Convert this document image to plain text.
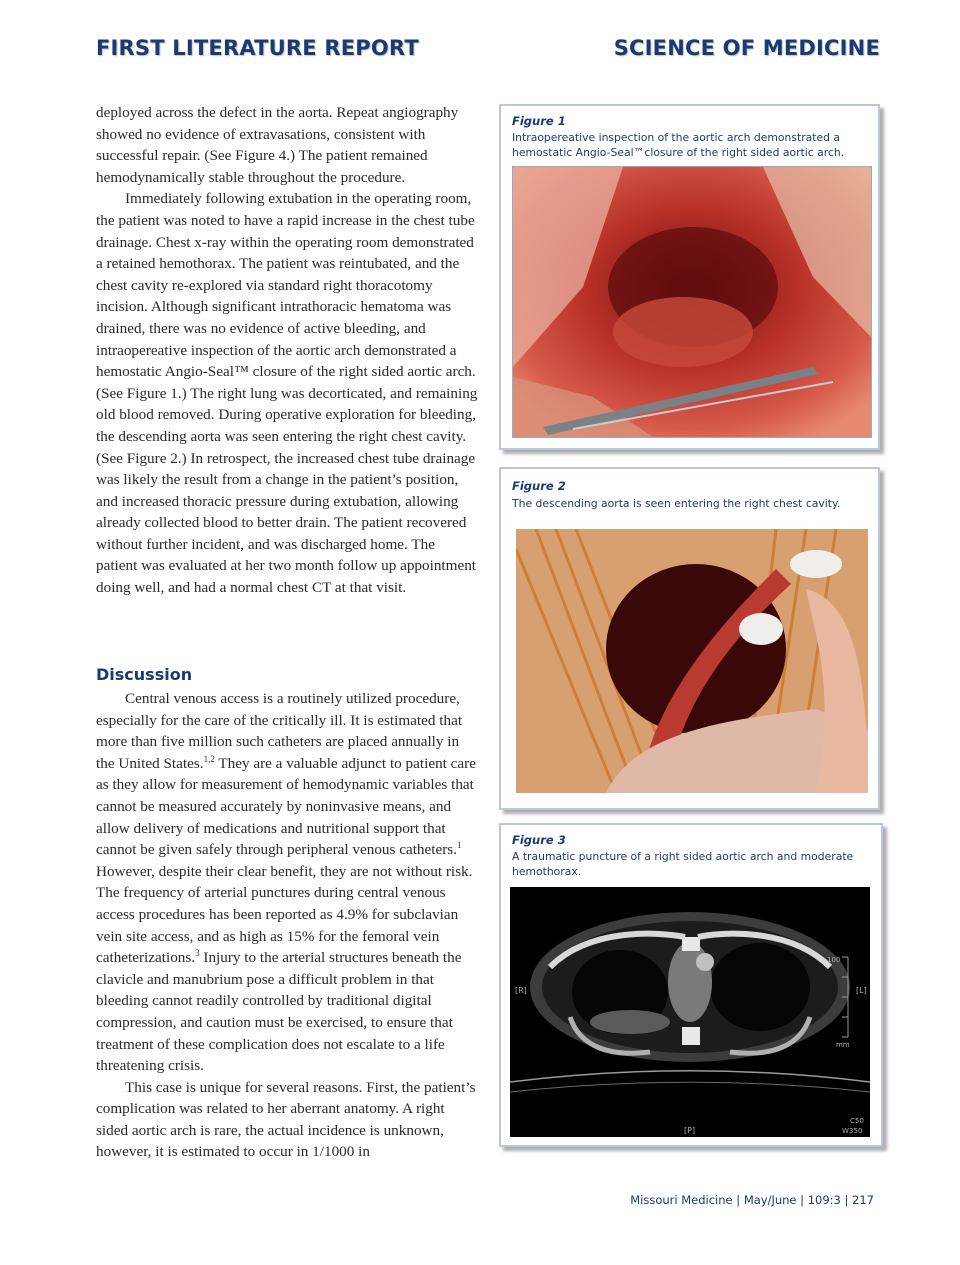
FIRST LITERATURE REPORT	SCIENCE OF MEDICINE

deployed across the defect in the aorta. Repeat angiography showed no evidence of extravasations, consistent with successful repair. (See Figure 4.) The patient remained hemodynamically stable throughout the procedure.

Immediately following extubation in the operating room, the patient was noted to have a rapid increase in the chest tube drainage. Chest x-ray within the operating room demonstrated a retained hemothorax. The patient was reintubated, and the chest cavity re-explored via standard right thoracotomy incision. Although significant intrathoracic hematoma was drained, there was no evidence of active bleeding, and intraopereative inspection of the aortic arch demonstrated a hemostatic Angio-Seal™ closure of the right sided aortic arch. (See Figure 1.) The right lung was decorticated, and remaining old blood removed. During operative exploration for bleeding, the descending aorta was seen entering the right chest cavity. (See Figure 2.) In retrospect, the increased chest tube drainage was likely the result from a change in the patient’s position, and increased thoracic pressure during extubation, allowing already collected blood to better drain. The patient recovered without further incident, and was discharged home. The patient was evaluated at her two month follow up appointment doing well, and had a normal chest CT at that visit.

Discussion

Central venous access is a routinely utilized procedure, especially for the care of the critically ill. It is estimated that more than five million such catheters are placed annually in the United States.$^{1,2}$ They are a valuable adjunct to patient care as they allow for measurement of hemodynamic variables that cannot be measured accurately by noninvasive means, and allow delivery of medications and nutritional support that cannot be given safely through peripheral venous catheters.$^1$ However, despite their clear benefit, they are not without risk. The frequency of arterial punctures during central venous access procedures has been reported as 4.9% for subclavian vein site access, and as high as 15% for the femoral vein catheterizations.$^3$ Injury to the arterial structures beneath the clavicle and manubrium pose a difficult problem in that bleeding cannot readily controlled by traditional digital compression, and caution must be exercised, to ensure that treatment of these complication does not escalate to a life threatening crisis.

This case is unique for several reasons. First, the patient’s complication was related to her aberrant anatomy. A right sided aortic arch is rare, the actual incidence is unknown, however, it is estimated to occur in 1/1000 in

Figure 1
Intraopereative inspection of the aortic arch demonstrated a hemostatic Angio-Seal™closure of the right sided aortic arch.
Figure 2
The descending aorta is seen entering the right chest cavity.
Figure 3
A traumatic puncture of a right sided aortic arch and moderate hemothorax.
[R]	[L]
100
mm
[P]
C50
W350
Missouri Medicine | May/June | 109:3 | 217
